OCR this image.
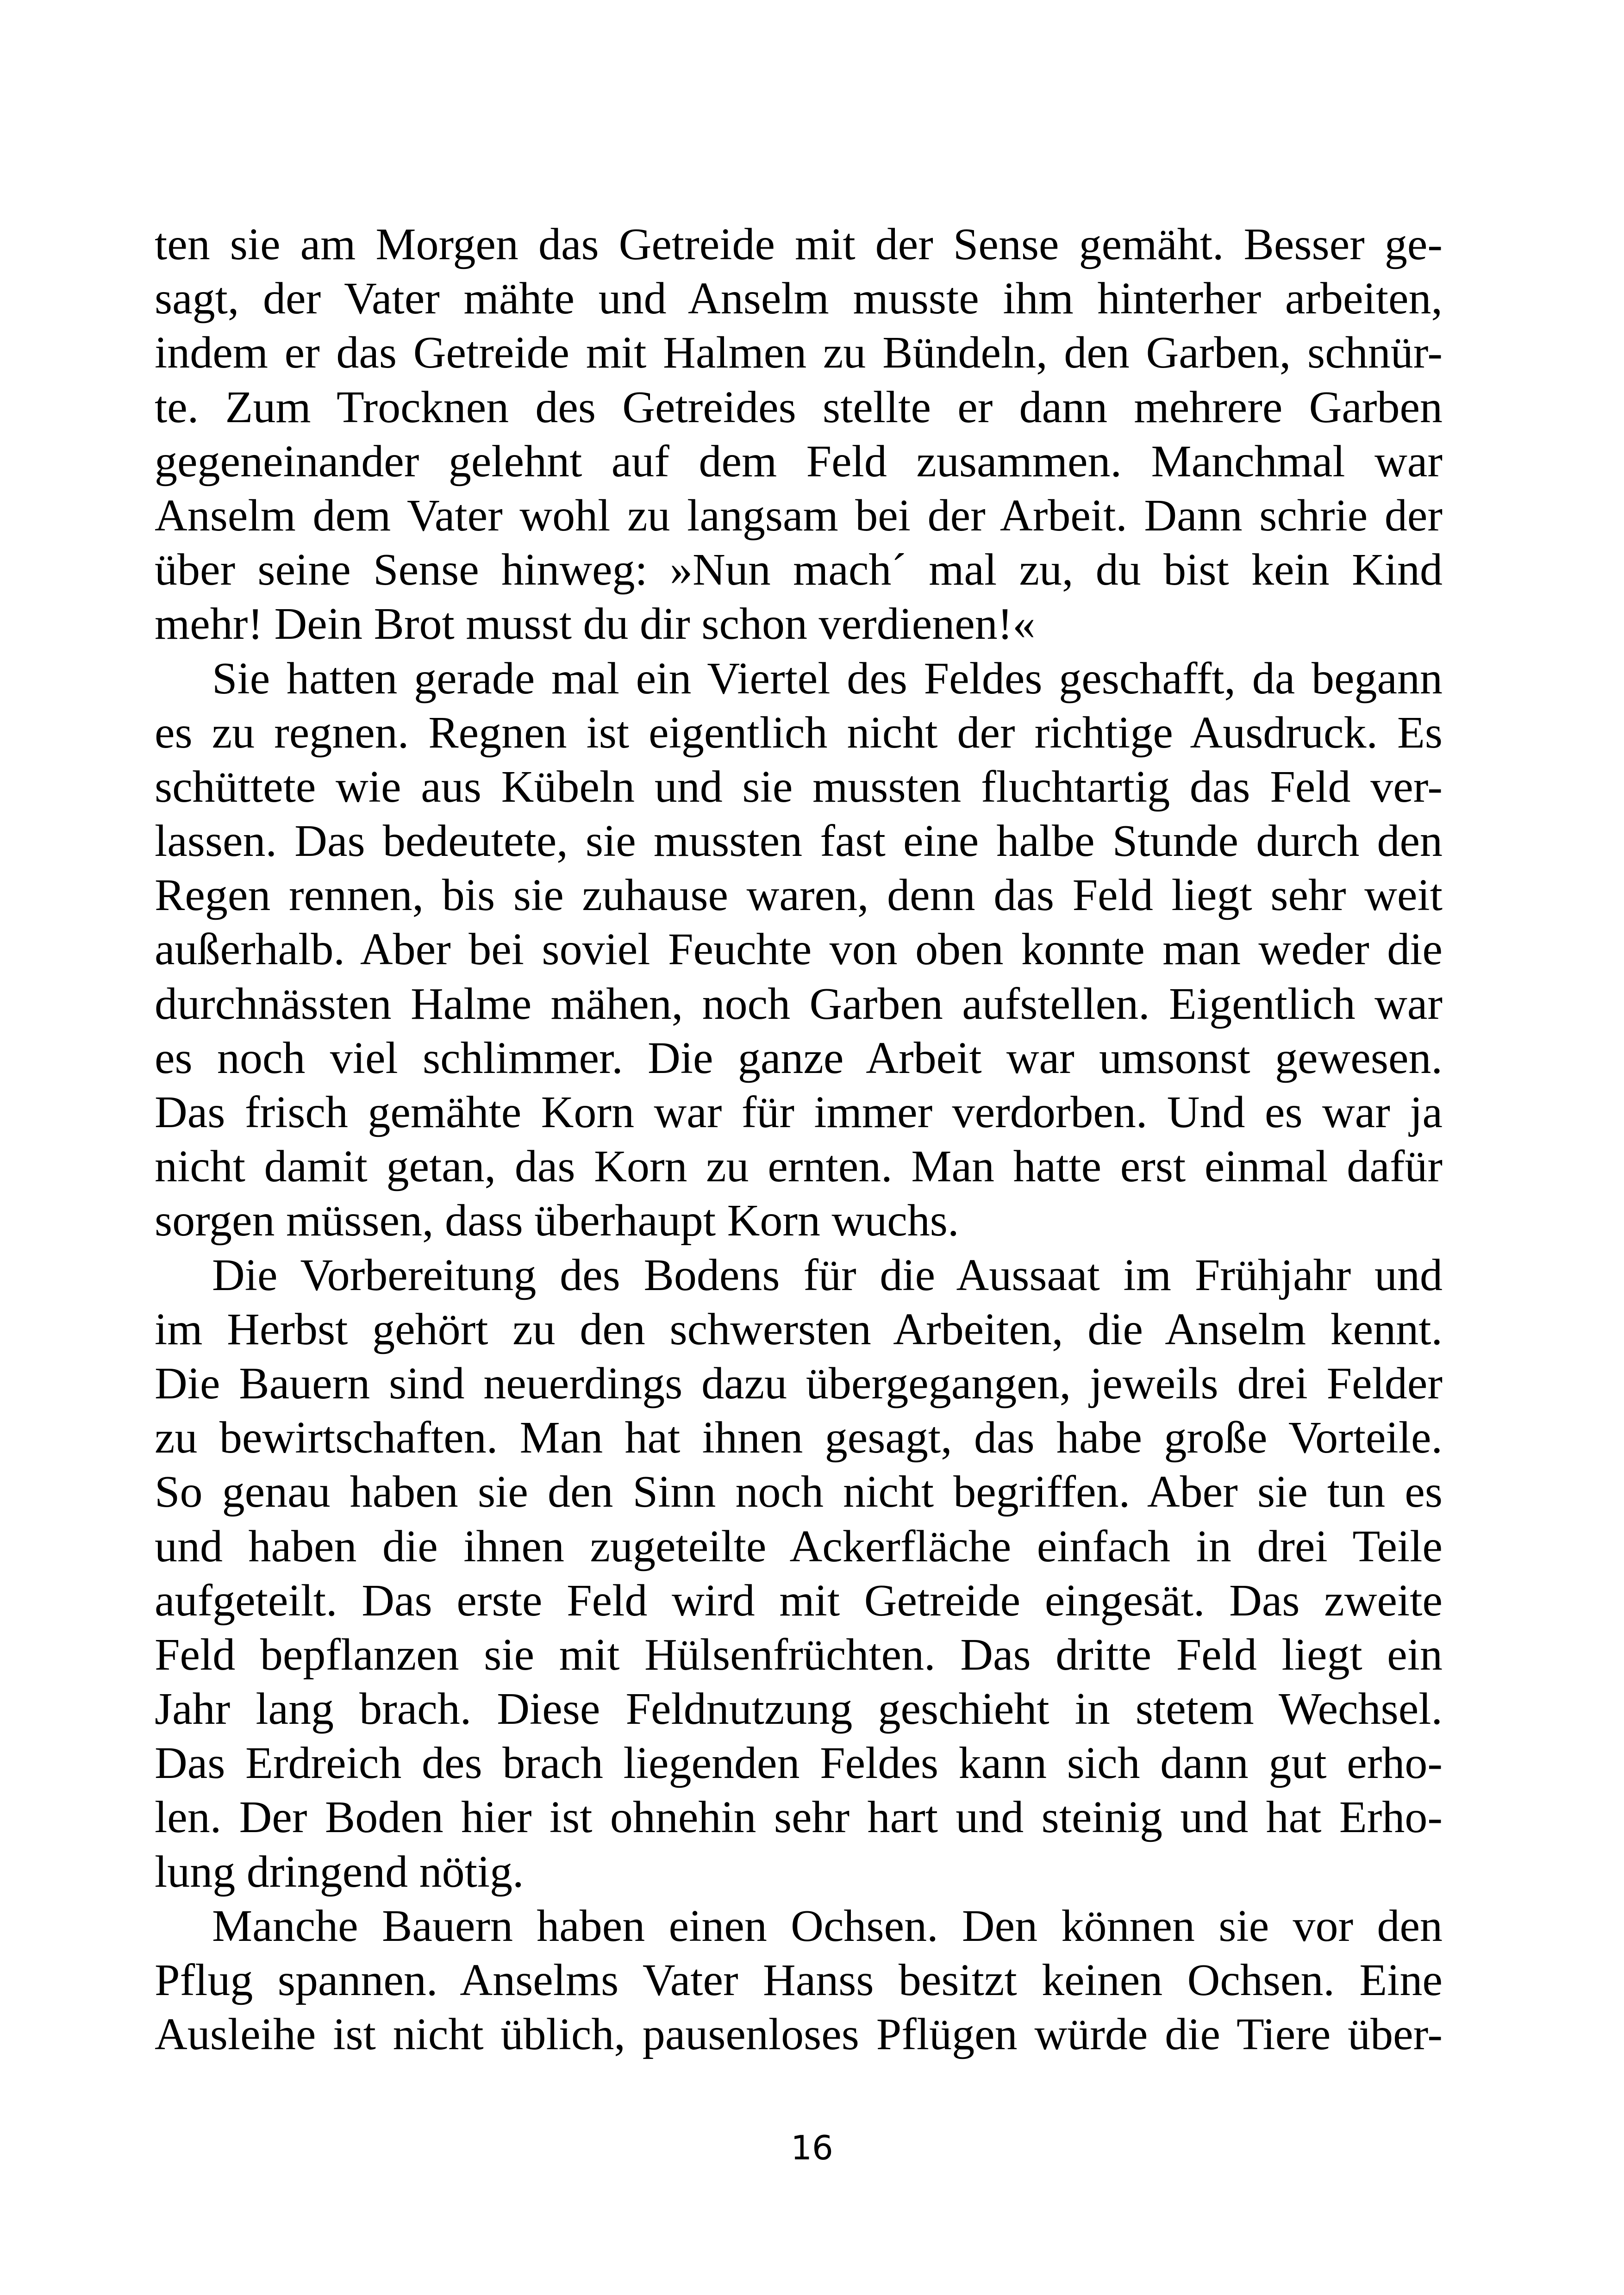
ten sie am Morgen das Getreide mit der Sense gemäht. Besser ge-
sagt, der Vater mähte und Anselm musste ihm hinterher arbeiten,
indem er das Getreide mit Halmen zu Bündeln, den Garben, schnür-
te. Zum Trocknen des Getreides stellte er dann mehrere Garben
gegeneinander gelehnt auf dem Feld zusammen. Manchmal war
Anselm dem Vater wohl zu langsam bei der Arbeit. Dann schrie der
über seine Sense hinweg: »Nun mach´ mal zu, du bist kein Kind
mehr! Dein Brot musst du dir schon verdienen!«
Sie hatten gerade mal ein Viertel des Feldes geschafft, da begann
es zu regnen. Regnen ist eigentlich nicht der richtige Ausdruck. Es
schüttete wie aus Kübeln und sie mussten fluchtartig das Feld ver-
lassen. Das bedeutete, sie mussten fast eine halbe Stunde durch den
Regen rennen, bis sie zuhause waren, denn das Feld liegt sehr weit
außerhalb. Aber bei soviel Feuchte von oben konnte man weder die
durchnässten Halme mähen, noch Garben aufstellen. Eigentlich war
es noch viel schlimmer. Die ganze Arbeit war umsonst gewesen.
Das frisch gemähte Korn war für immer verdorben. Und es war ja
nicht damit getan, das Korn zu ernten. Man hatte erst einmal dafür
sorgen müssen, dass überhaupt Korn wuchs.
Die Vorbereitung des Bodens für die Aussaat im Frühjahr und
im Herbst gehört zu den schwersten Arbeiten, die Anselm kennt.
Die Bauern sind neuerdings dazu übergegangen, jeweils drei Felder
zu bewirtschaften. Man hat ihnen gesagt, das habe große Vorteile.
So genau haben sie den Sinn noch nicht begriffen. Aber sie tun es
und haben die ihnen zugeteilte Ackerfläche einfach in drei Teile
aufgeteilt. Das erste Feld wird mit Getreide eingesät. Das zweite
Feld bepflanzen sie mit Hülsenfrüchten. Das dritte Feld liegt ein
Jahr lang brach. Diese Feldnutzung geschieht in stetem Wechsel.
Das Erdreich des brach liegenden Feldes kann sich dann gut erho-
len. Der Boden hier ist ohnehin sehr hart und steinig und hat Erho-
lung dringend nötig.
Manche Bauern haben einen Ochsen. Den können sie vor den
Pflug spannen. Anselms Vater Hanss besitzt keinen Ochsen. Eine
Ausleihe ist nicht üblich, pausenloses Pflügen würde die Tiere über-
16
